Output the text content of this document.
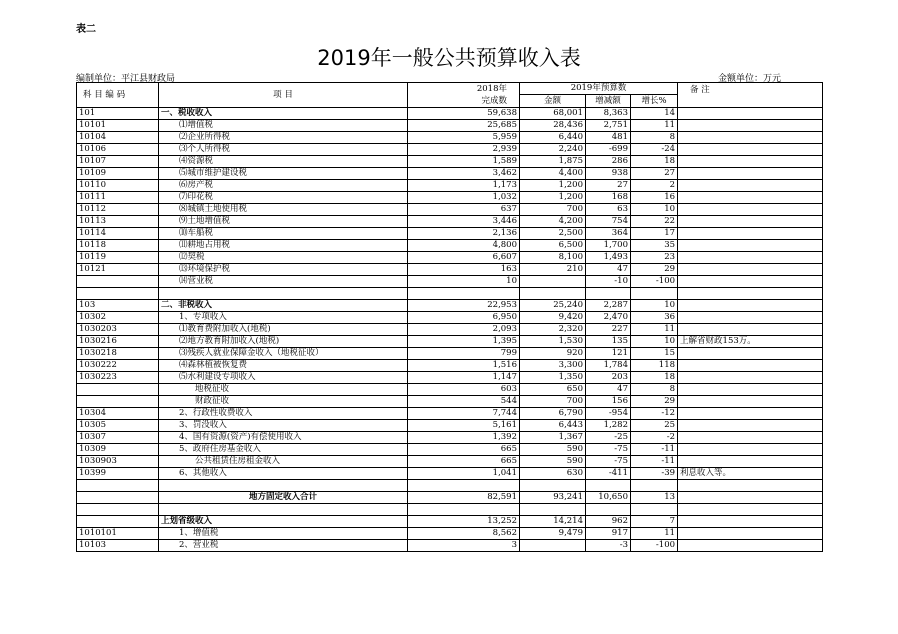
表二
2019年一般公共预算收入表
编制单位：平江县财政局	金额单位：万元
科 目 编 码	项 目	2018年
完成数	2019年预算数			备 注
			金额	增减额	增长%	

101	一、税收收入	59,638	68,001	8,363	14	
10101	⑴增值税	25,685	28,436	2,751	11	
10104	⑵企业所得税	5,959	6,440	481	8	
10106	⑶个人所得税	2,939	2,240	-699	-24	
10107	⑷资源税	1,589	1,875	286	18	
10109	⑸城市维护建设税	3,462	4,400	938	27	
10110	⑹房产税	1,173	1,200	27	2	
10111	⑺印花税	1,032	1,200	168	16	
10112	⑻城镇土地使用税	637	700	63	10	
10113	⑼土地增值税	3,446	4,200	754	22	
10114	⑽车船税	2,136	2,500	364	17	
10118	⑾耕地占用税	4,800	6,500	1,700	35	
10119	⑿契税	6,607	8,100	1,493	23	
10121	⒀环境保护税	163	210	47	29	
	⒁营业税	10		-10	-100	

103	二、非税收入	22,953	25,240	2,287	10	
10302	1、专项收入	6,950	9,420	2,470	36	
1030203	⑴教育费附加收入(地税)	2,093	2,320	227	11	
1030216	⑵地方教育附加收入(地税)	1,395	1,530	135	10	上解省财政153万。
1030218	⑶残疾人就业保障金收入（地税征收）	799	920	121	15	
1030222	⑷森林植被恢复费	1,516	3,300	1,784	118	
1030223	⑸水利建设专项收入	1,147	1,350	203	18	
	地税征收	603	650	47	8	
	财政征收	544	700	156	29	
10304	2、行政性收费收入	7,744	6,790	-954	-12	
10305	3、罚没收入	5,161	6,443	1,282	25	
10307	4、国有资源(资产)有偿使用收入	1,392	1,367	-25	-2	
10309	5、政府住房基金收入	665	590	-75	-11	
1030903	公共租赁住房租金收入	665	590	-75	-11	
10399	6、其他收入	1,041	630	-411	-39	利息收入等。

	地方固定收入合计	82,591	93,241	10,650	13	

	上划省级收入	13,252	14,214	962	7	
1010101	1、增值税	8,562	9,479	917	11	
10103	2、营业税	3		-3	-100	
